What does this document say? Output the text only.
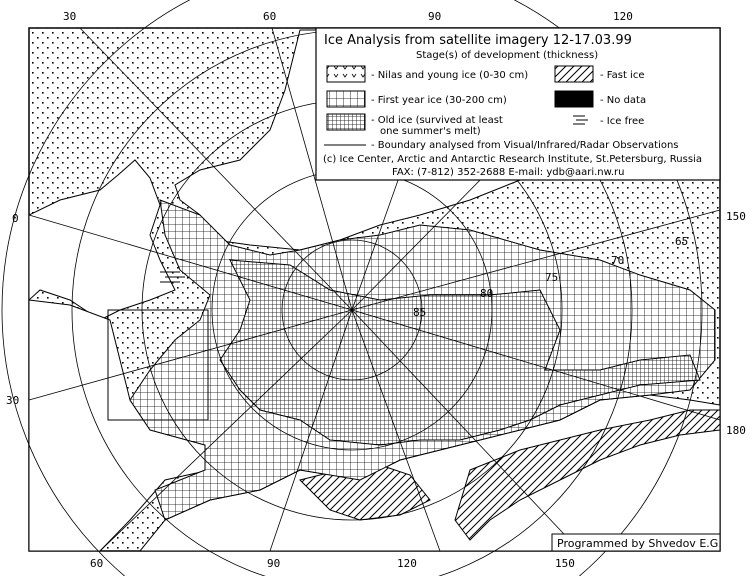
65
70
75
80
85
30	60	90	120
60	90	120	150
0
30
150
180
Ice Analysis from satellite imagery 12-17.03.99
Stage(s) of development (thickness)
- Nilas and young ice (0-30 cm)	- Fast ice
- First year ice (30-200 cm)	- No data
- Old ice (survived at least
one summer's melt)
- Ice free
- Boundary analysed from Visual/Infrared/Radar Observations
(c) Ice Center, Arctic and Antarctic Research Institute, St.Petersburg, Russia
FAX: (7-812) 352-2688 E-mail: ydb@aari.nw.ru
Programmed by Shvedov E.G.
